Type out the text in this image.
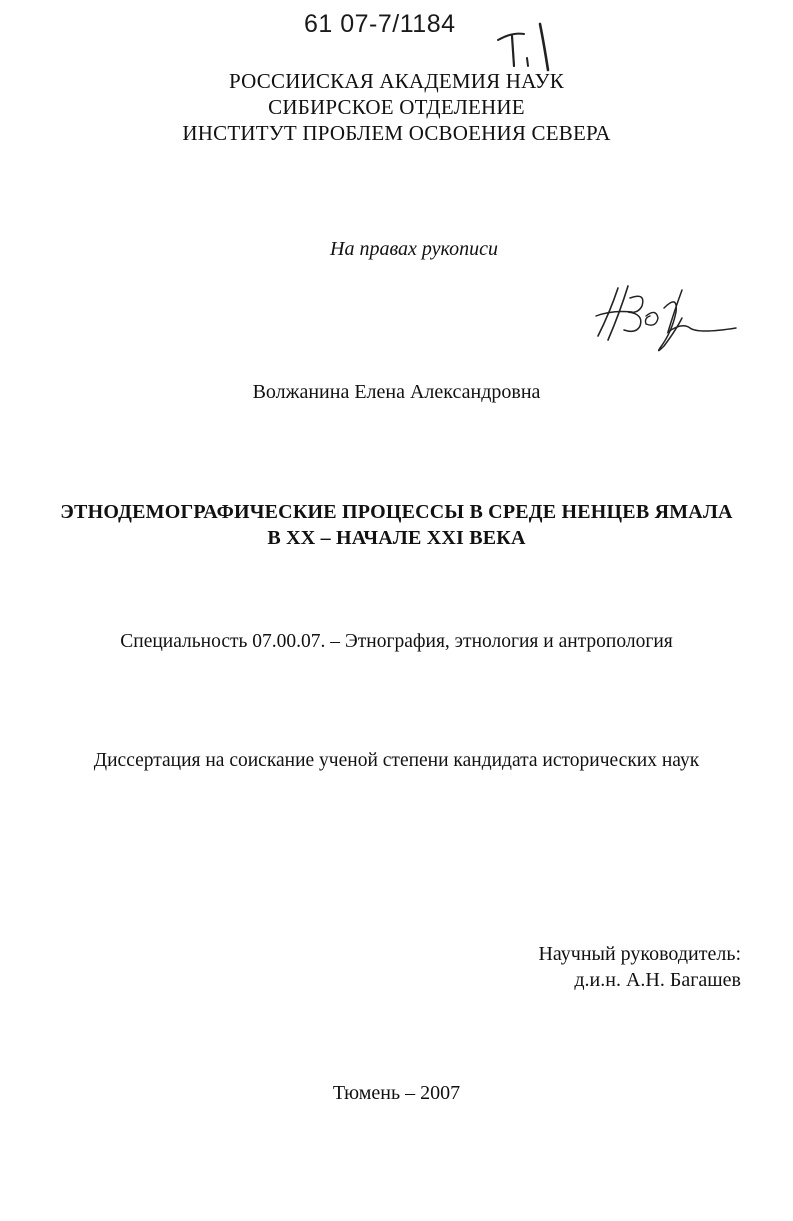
61 07-7/1184
РОССИИСКАЯ АКАДЕМИЯ НАУК
СИБИРСКОЕ ОТДЕЛЕНИЕ
ИНСТИТУТ ПРОБЛЕМ ОСВОЕНИЯ СЕВЕРА
На правах рукописи
Волжанина Елена Александровна
ЭТНОДЕМОГРАФИЧЕСКИЕ ПРОЦЕССЫ В СРЕДЕ НЕНЦЕВ ЯМАЛА
В XX – НАЧАЛЕ XXI ВЕКА
Специальность 07.00.07. – Этнография, этнология и антропология
Диссертация на соискание ученой степени кандидата исторических наук
Научный руководитель:
д.и.н. А.Н. Багашев
Тюмень – 2007
